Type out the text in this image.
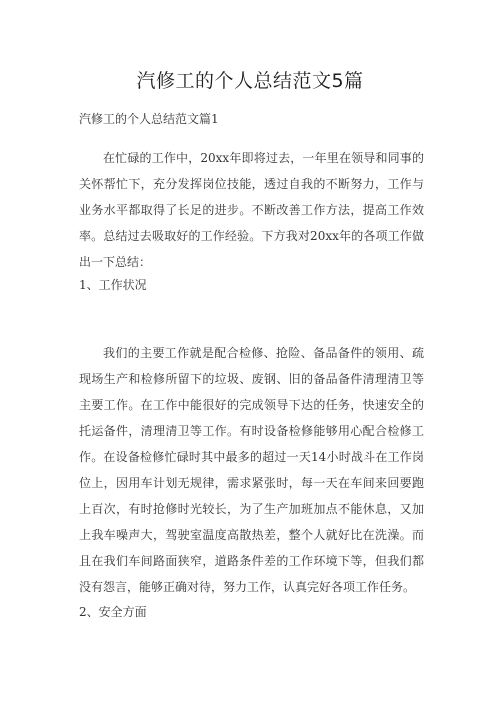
汽修工的个人总结范文5篇
汽修工的个人总结范文篇1
在忙碌的工作中，20xx年即将过去，一年里在领导和同事的关怀帮忙下，充分发挥岗位技能，透过自我的不断努力，工作与业务水平都取得了长足的进步。不断改善工作方法，提高工作效率。总结过去吸取好的工作经验。下方我对20xx年的各项工作做出一下总结：
1、工作状况
我们的主要工作就是配合检修、抢险、备品备件的领用、疏现场生产和检修所留下的垃圾、废钢、旧的备品备件清理清卫等主要工作。在工作中能很好的完成领导下达的任务，快速安全的托运备件，清理清卫等工作。有时设备检修能够用心配合检修工作。在设备检修忙碌时其中最多的超过一天14小时战斗在工作岗位上，因用车计划无规律，需求紧张时，每一天在车间来回要跑上百次，有时抢修时光较长，为了生产加班加点不能休息，又加上我车噪声大，驾驶室温度高散热差，整个人就好比在洗澡。而且在我们车间路面狭窄，道路条件差的工作环境下等，但我们都没有怨言，能够正确对待，努力工作，认真完好各项工作任务。
2、安全方面
